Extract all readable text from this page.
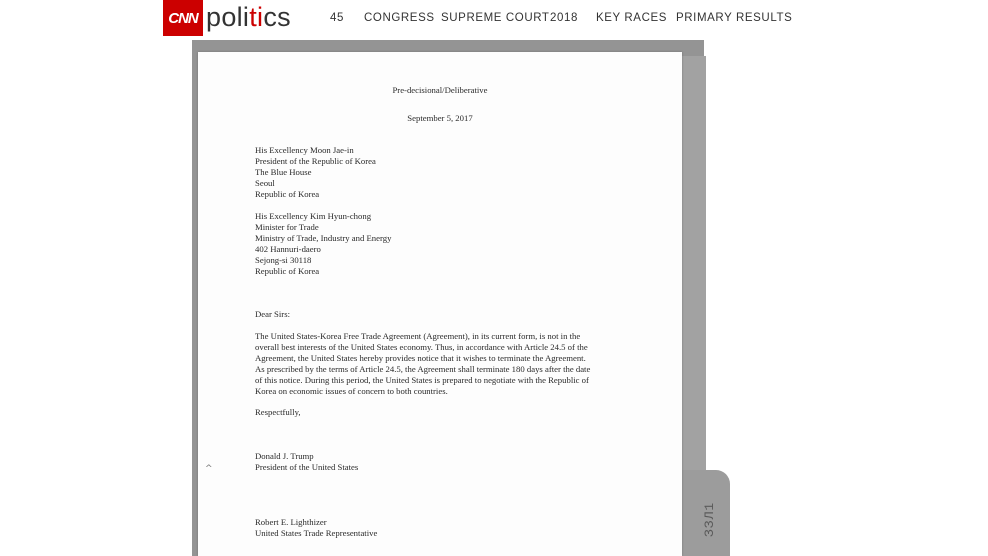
CNN politics	45 CONGRESS SUPREME COURT 2018 KEY RACES PRIMARY RESULTS
ЗЗЛ1
Pre-decisional/Deliberative
September 5, 2017
His Excellency Moon Jae-in
President of the Republic of Korea
The Blue House
Seoul
Republic of Korea
His Excellency Kim Hyun-chong
Minister for Trade
Ministry of Trade, Industry and Energy
402 Hannuri-daero
Sejong-si 30118
Republic of Korea
Dear Sirs:
The United States-Korea Free Trade Agreement (Agreement), in its current form, is not in the
overall best interests of the United States economy. Thus, in accordance with Article 24.5 of the
Agreement, the United States hereby provides notice that it wishes to terminate the Agreement.
As prescribed by the terms of Article 24.5, the Agreement shall terminate 180 days after the date
of this notice. During this period, the United States is prepared to negotiate with the Republic of
Korea on economic issues of concern to both countries.
Respectfully,
Donald J. Trump
President of the United States
Robert E. Lighthizer
United States Trade Representative
^
